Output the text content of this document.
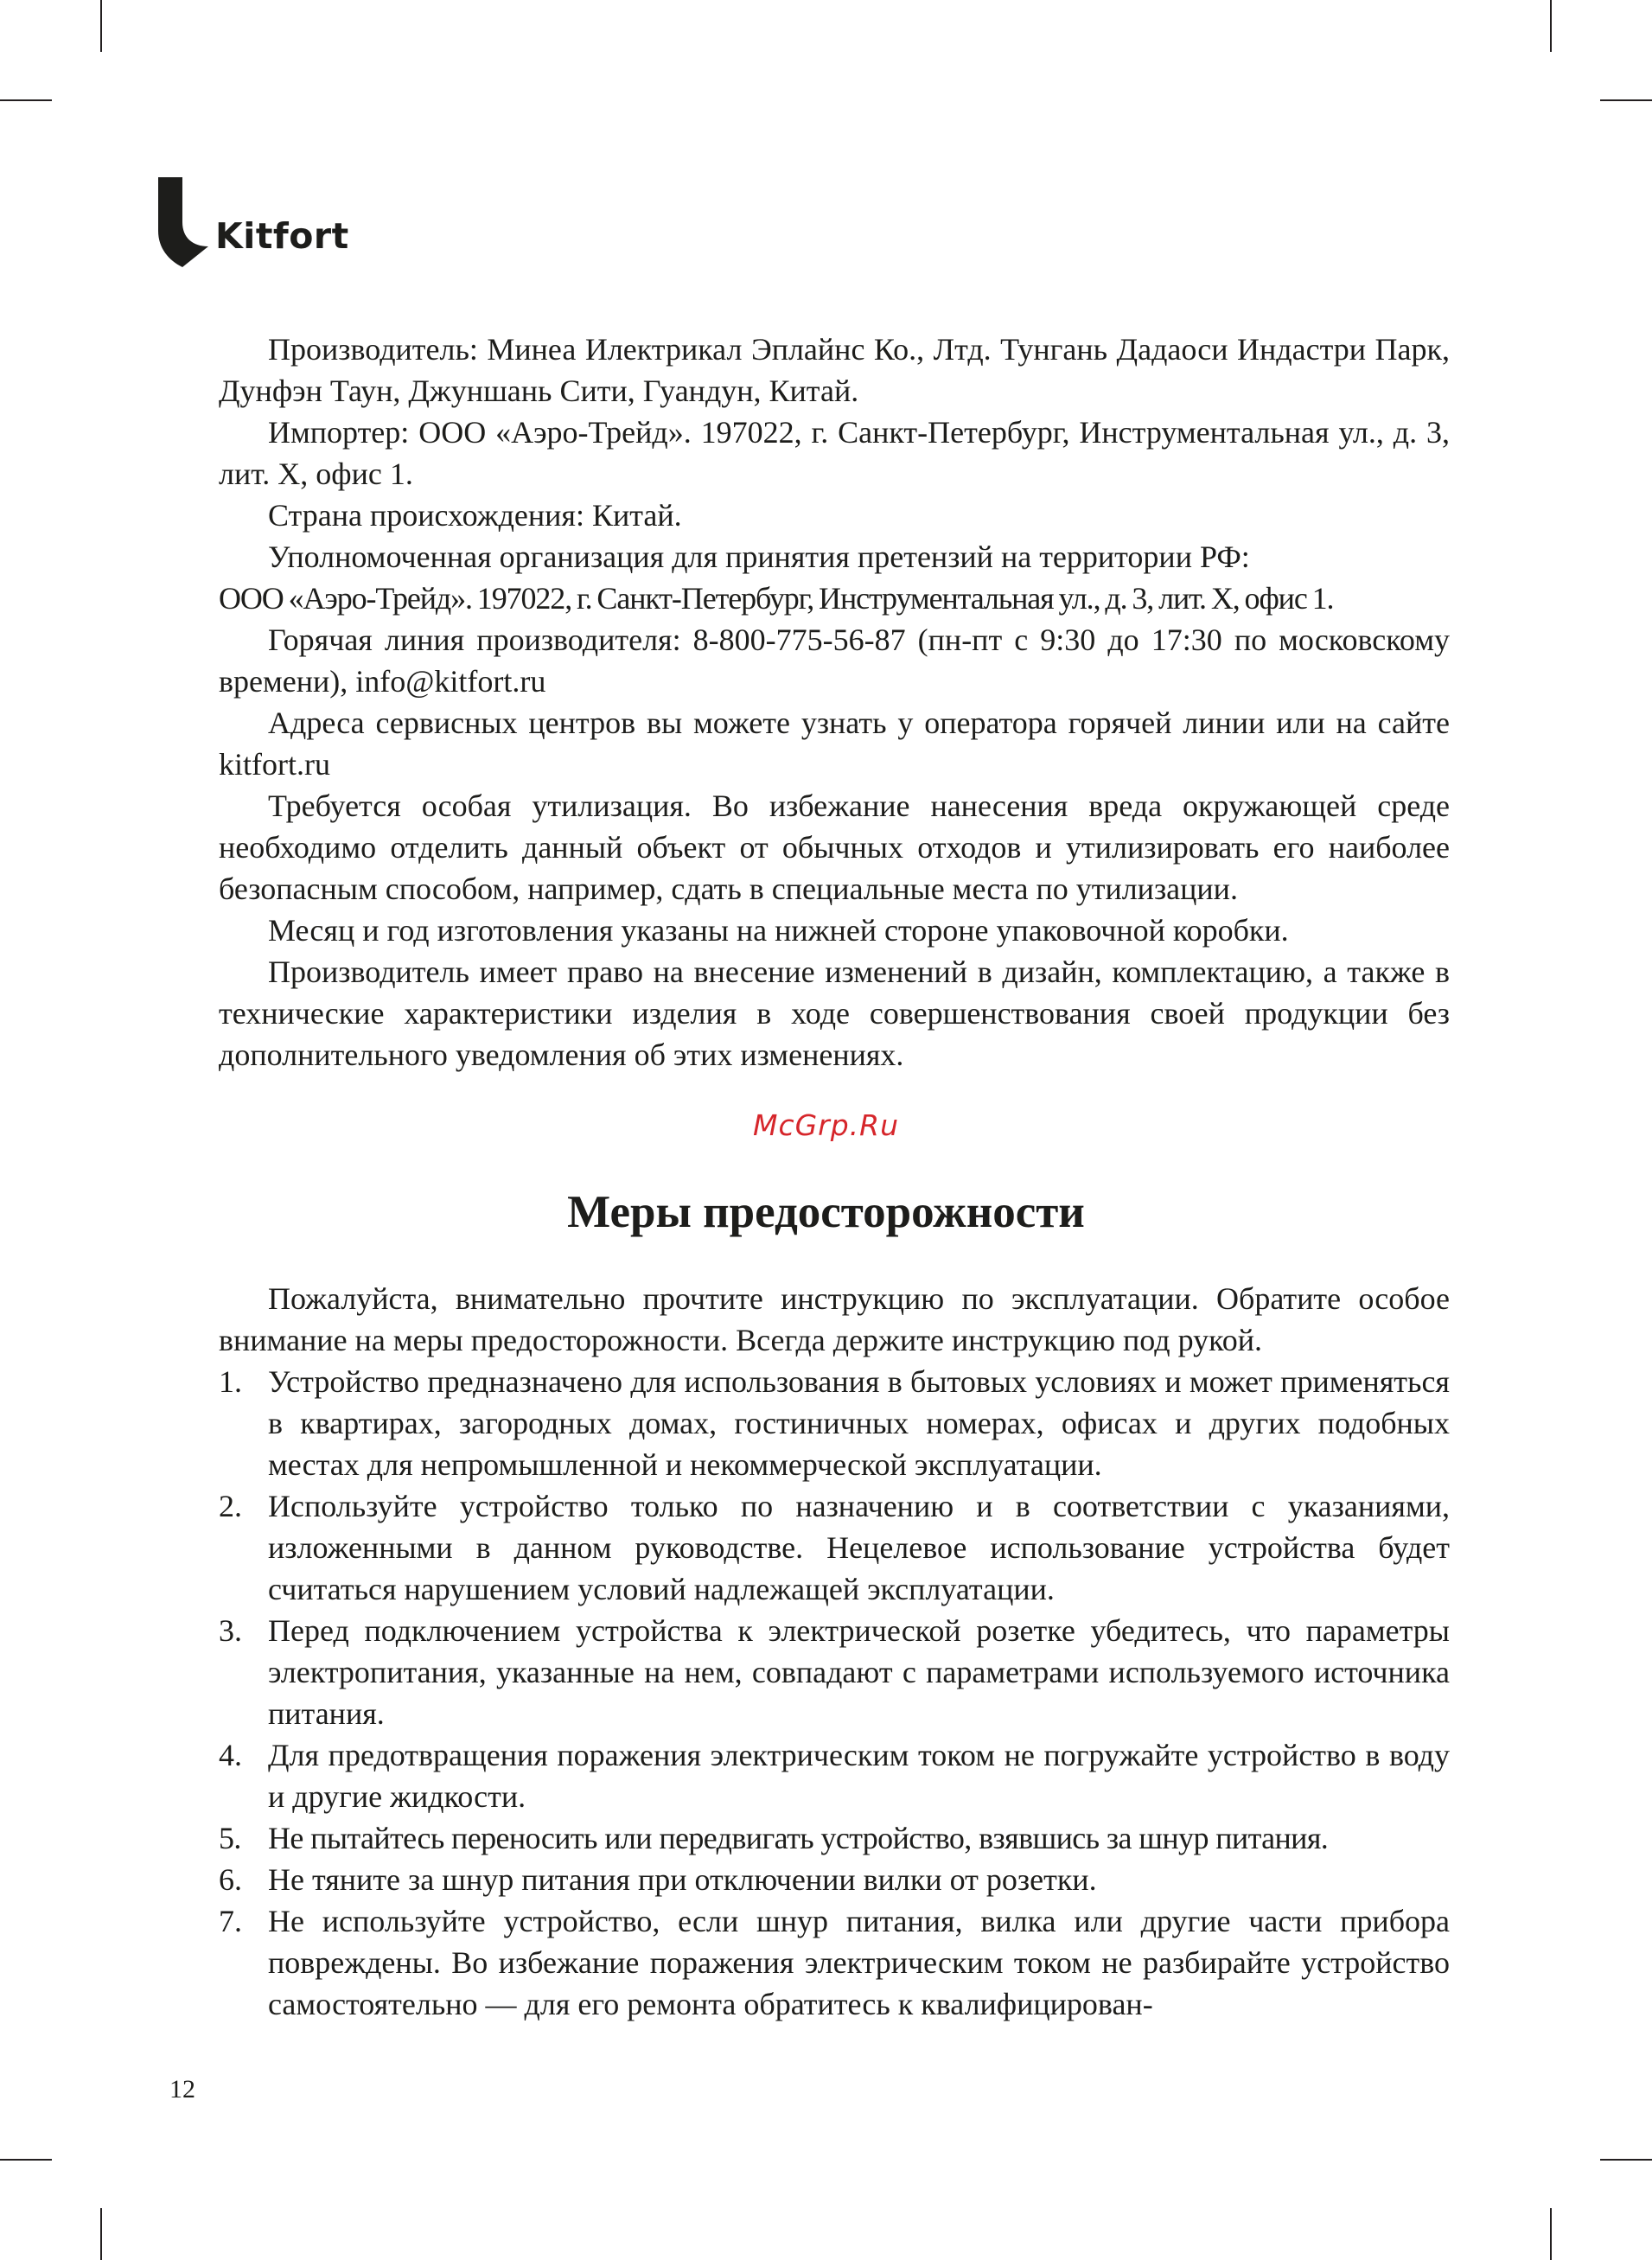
Kitfort

Производитель: Минеа Илектрикал Эплайнс Ко., Лтд. Тунгань Дадаоси Индастри Парк, Дунфэн Таун, Джуншань Сити, Гуандун, Китай.

Импортер: ООО «Аэро-Трейд». 197022, г. Санкт-Петербург, Инструментальная ул., д. 3, лит. Х, офис 1.

Страна происхождения: Китай.

Уполномоченная организация для принятия претензий на территории РФ:

ООО «Аэро-Трейд». 197022, г. Санкт-Петербург, Инструментальная ул., д. 3, лит. Х, офис 1.

Горячая линия производителя: 8-800-775-56-87 (пн-пт с 9:30 до 17:30 по московскому времени), info@kitfort.ru

Адреса сервисных центров вы можете узнать у оператора горячей линии или на сайте kitfort.ru

Требуется особая утилизация. Во избежание нанесения вреда окружающей среде необходимо отделить данный объект от обычных отходов и утилизировать его наиболее безопасным способом, например, сдать в специальные места по утилизации.

Месяц и год изготовления указаны на нижней стороне упаковочной коробки.

Производитель имеет право на внесение изменений в дизайн, комплектацию, а также в технические характеристики изделия в ходе совершенствования своей продукции без дополнительного уведомления об этих изменениях.

McGrp.Ru
Меры предосторожности

Пожалуйста, внимательно прочтите инструкцию по эксплуатации. Обратите особое внимание на меры предосторожности. Всегда держите инструкцию под рукой.

1. Устройство предназначено для использования в бытовых условиях и может применяться в квартирах, загородных домах, гостиничных номерах, офисах и других подобных местах для непромышленной и некоммерческой эксплуатации.
2. Используйте устройство только по назначению и в соответствии с указаниями, изложенными в данном руководстве. Нецелевое использование устройства будет считаться нарушением условий надлежащей эксплуатации.
3. Перед подключением устройства к электрической розетке убедитесь, что параметры электропитания, указанные на нем, совпадают с параметрами используемого источника питания.
4. Для предотвращения поражения электрическим током не погружайте устройство в воду и другие жидкости.
5. Не пытайтесь переносить или передвигать устройство, взявшись за шнур питания.
6. Не тяните за шнур питания при отключении вилки от розетки.
7. Не используйте устройство, если шнур питания, вилка или другие части прибора повреждены. Во избежание поражения электрическим током не разбирайте устройство самостоятельно — для его ремонта обратитесь к квалифицирован-
12
